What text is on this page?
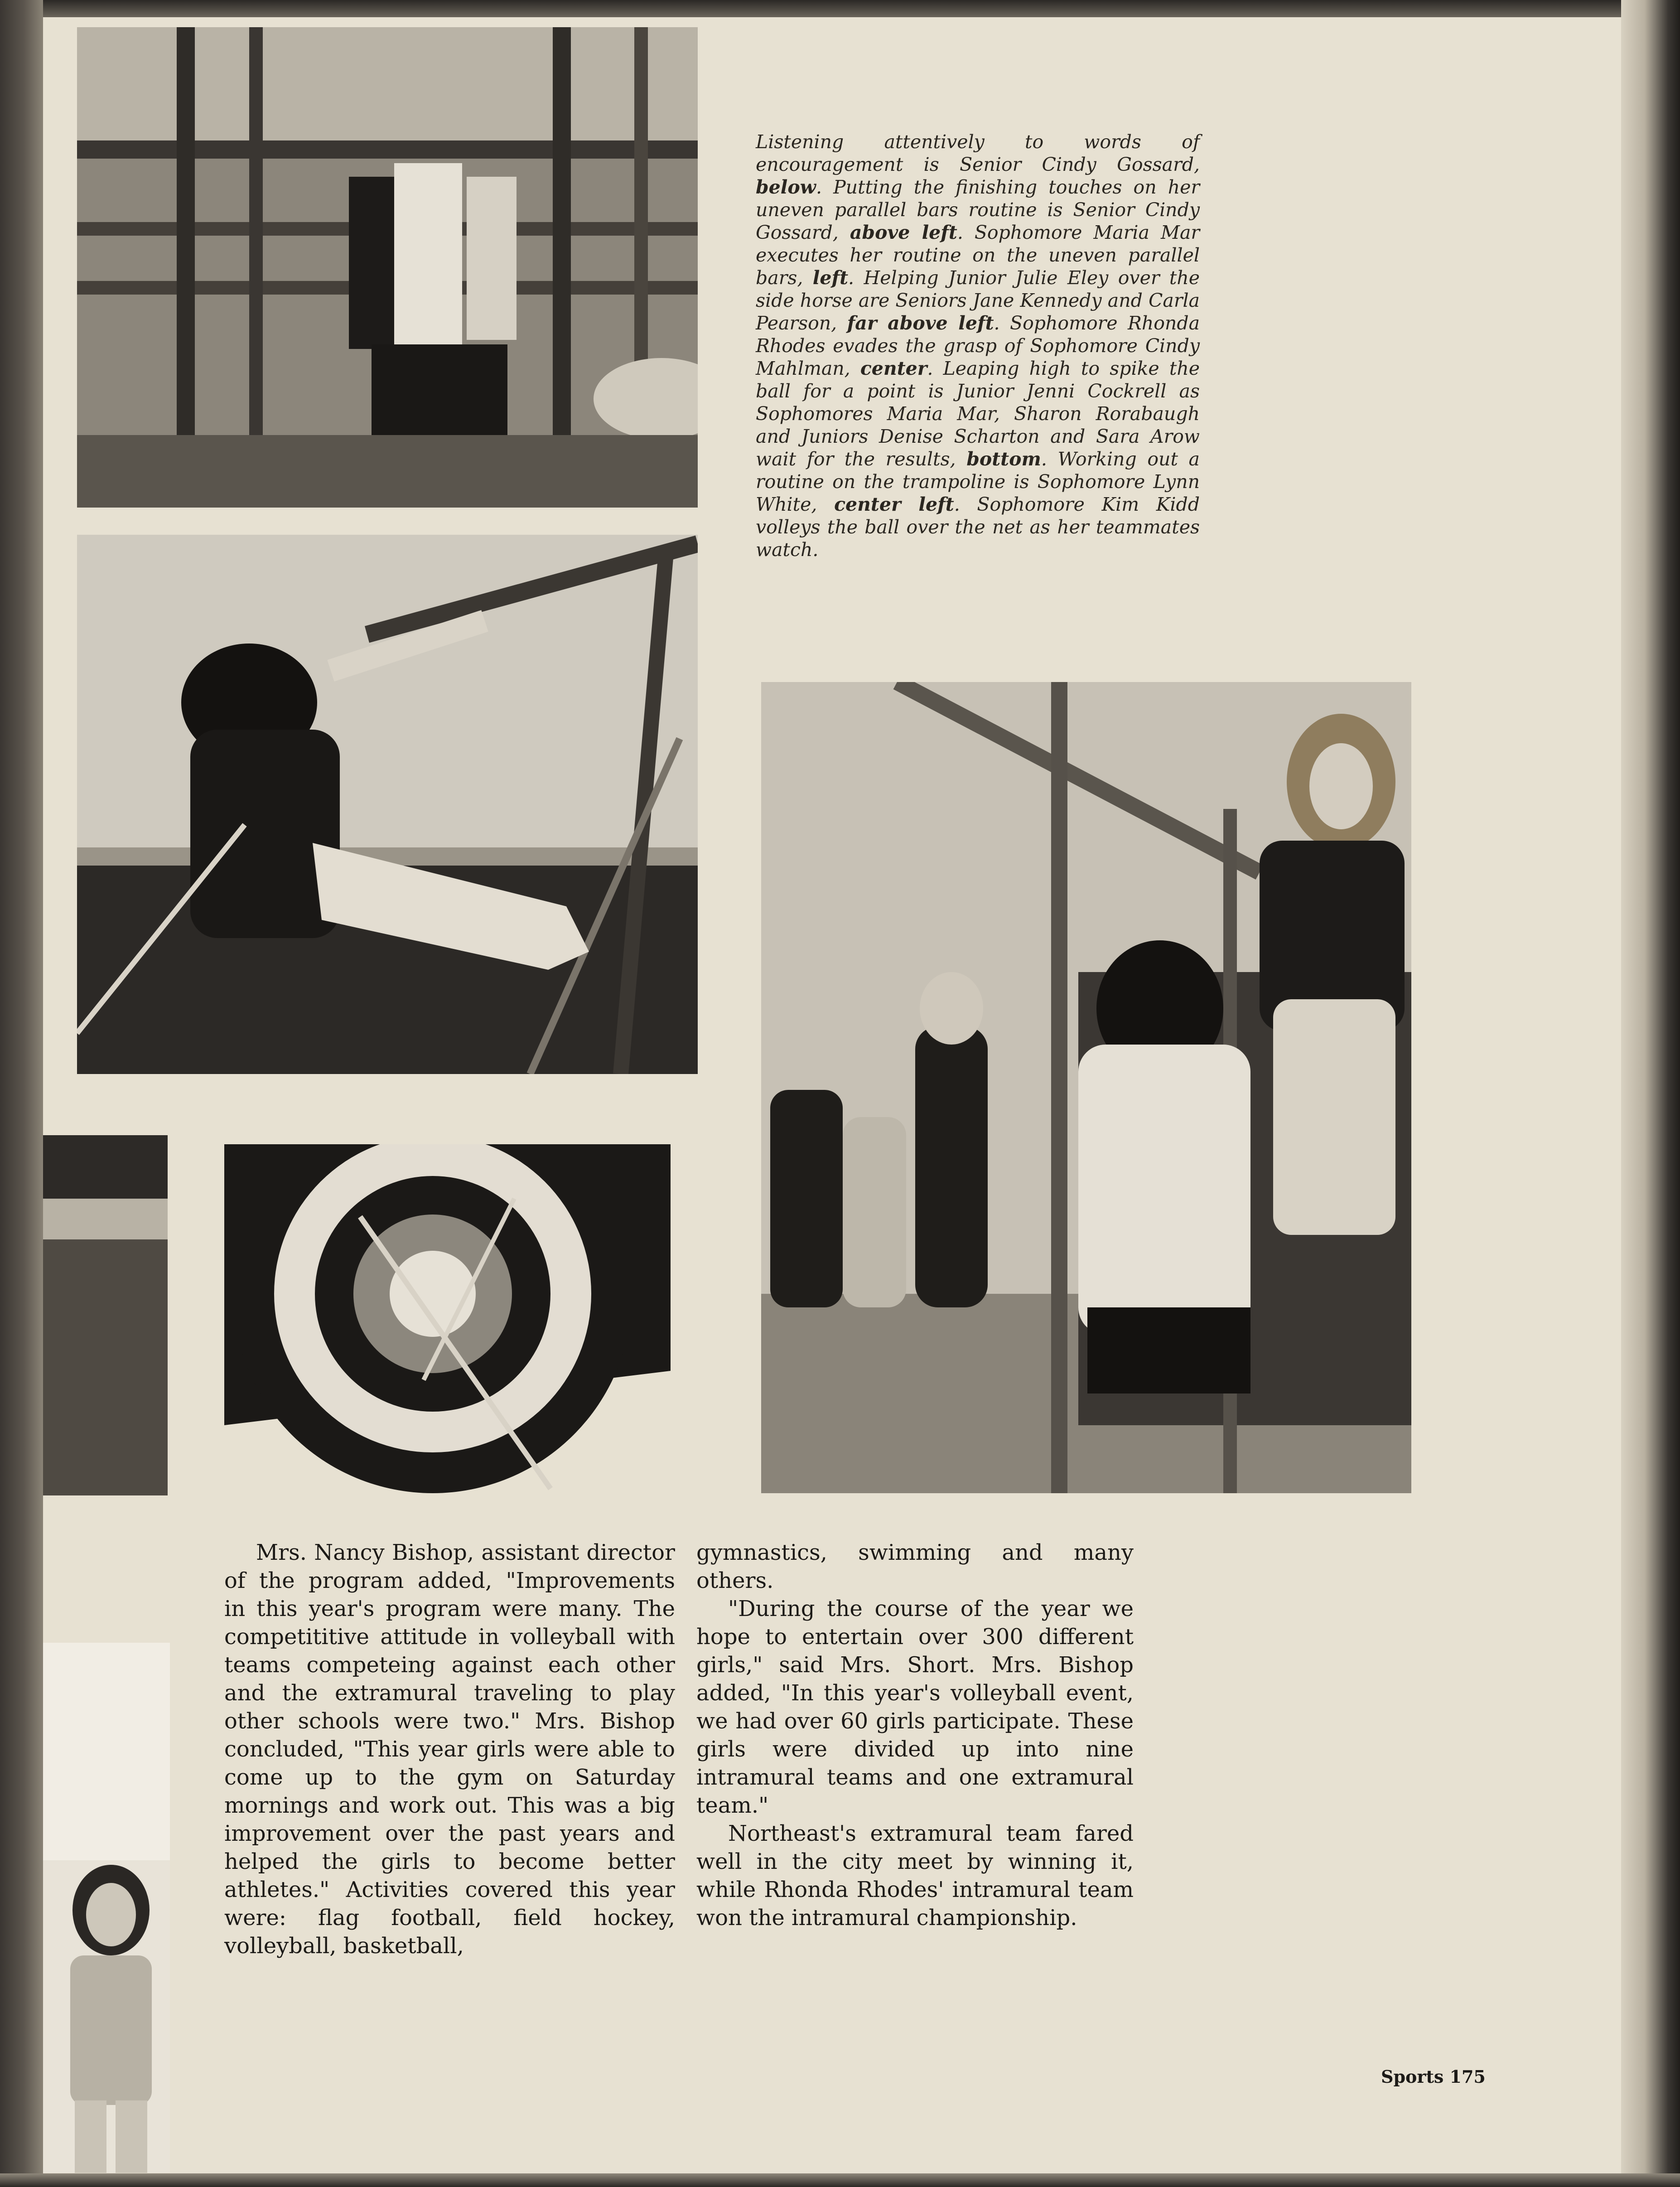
Listening attentively to words of encouragement is Senior Cindy Gossard, below. Putting the finishing touches on her uneven parallel bars routine is Senior Cindy Gossard, above left. Sophomore Maria Mar executes her routine on the uneven parallel bars, left. Helping Junior Julie Eley over the side horse are Seniors Jane Kennedy and Carla Pearson, far above left. Sophomore Rhonda Rhodes evades the grasp of Sophomore Cindy Mahlman, center. Leaping high to spike the ball for a point is Junior Jenni Cockrell as Sophomores Maria Mar, Sharon Rorabaugh and Juniors Denise Scharton and Sara Arow wait for the results, bottom. Working out a routine on the trampoline is Sophomore Lynn White, center left. Sophomore Kim Kidd volleys the ball over the net as her teammates watch.

Mrs. Nancy Bishop, assistant director of the program added, "Improvements in this year's program were many. The competititive attitude in volleyball with teams competeing against each other and the extramural traveling to play other schools were two." Mrs. Bishop concluded, "This year girls were able to come up to the gym on Saturday mornings and work out. This was a big improvement over the past years and helped the girls to become better athletes." Activities covered this year were: flag football, field hockey, volleyball, basketball,

gymnastics, swimming and many others.

"During the course of the year we hope to entertain over 300 different girls," said Mrs. Short. Mrs. Bishop added, "In this year's volleyball event, we had over 60 girls participate. These girls were divided up into nine intramural teams and one extramural team."

Northeast's extramural team fared well in the city meet by winning it, while Rhonda Rhodes' intramural team won the intramural championship.

Sports 175
